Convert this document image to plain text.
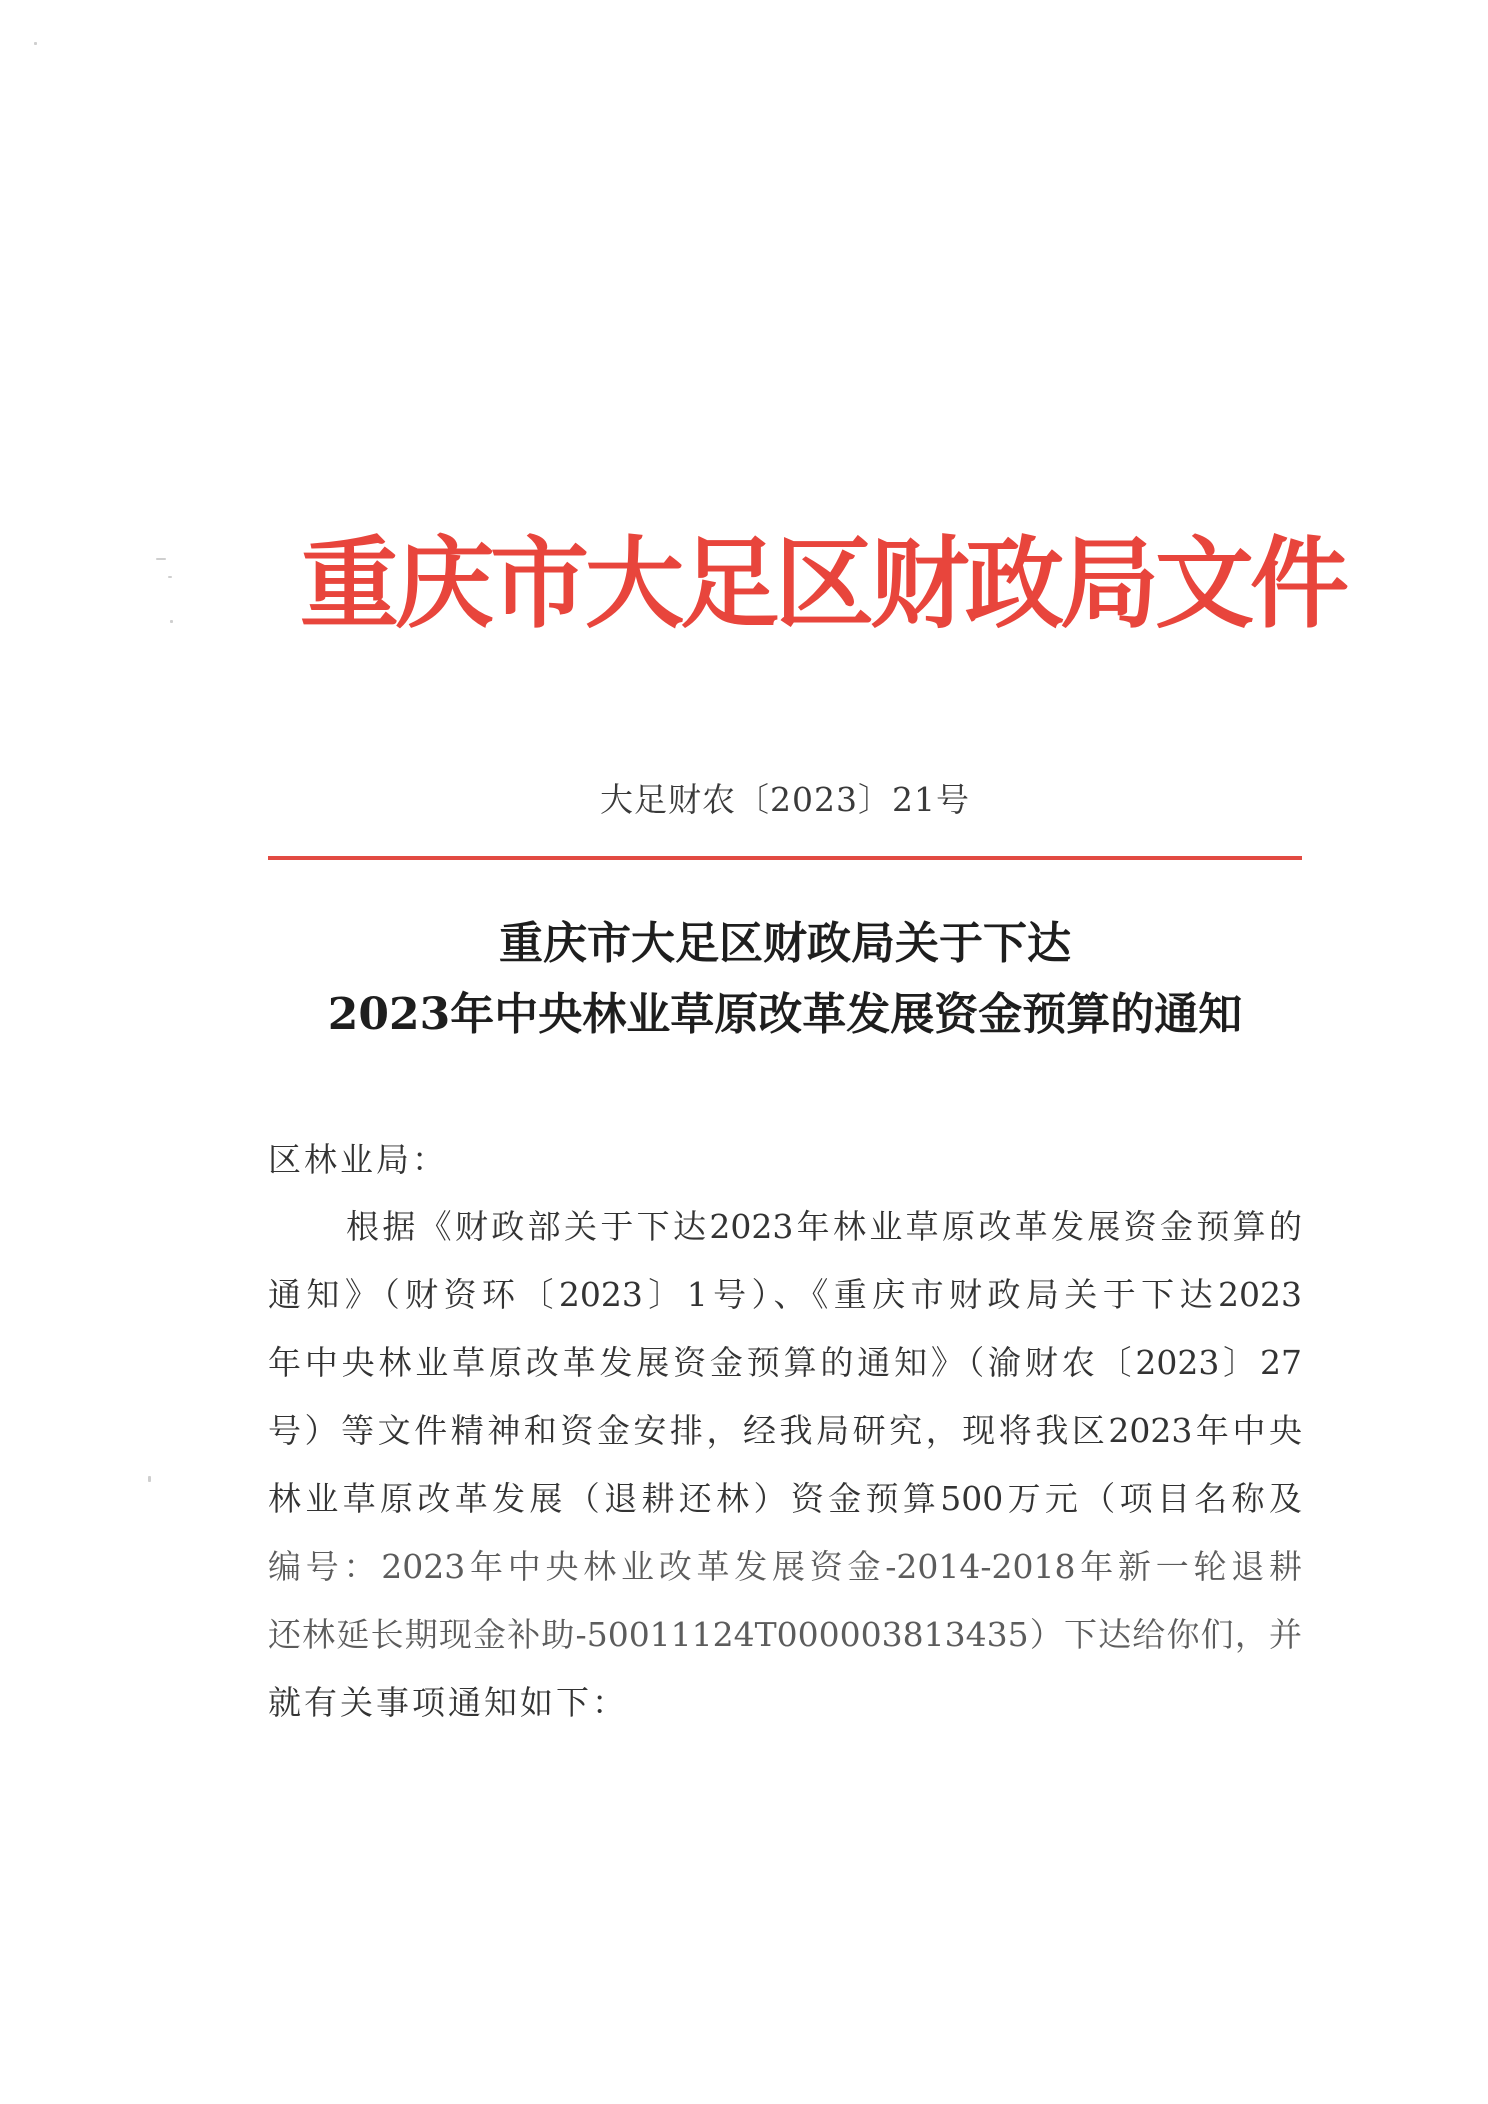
重庆市大足区财政局文件
大足财农〔2023〕21号
重庆市大足区财政局关于下达
2023年中央林业草原改革发展资金预算的通知
区林业局：
根据《财政部关于下达2023年林业草原改革发展资金预算的
通知》（财资环〔2023〕1号）、《重庆市财政局关于下达2023
年中央林业草原改革发展资金预算的通知》（渝财农〔2023〕27
号）等文件精神和资金安排，经我局研究，现将我区2023年中央
林业草原改革发展（退耕还林）资金预算500万元（项目名称及
编号：2023年中央林业改革发展资金-2014-2018年新一轮退耕
还林延长期现金补助-50011124T000003813435）下达给你们，并
就有关事项通知如下：
